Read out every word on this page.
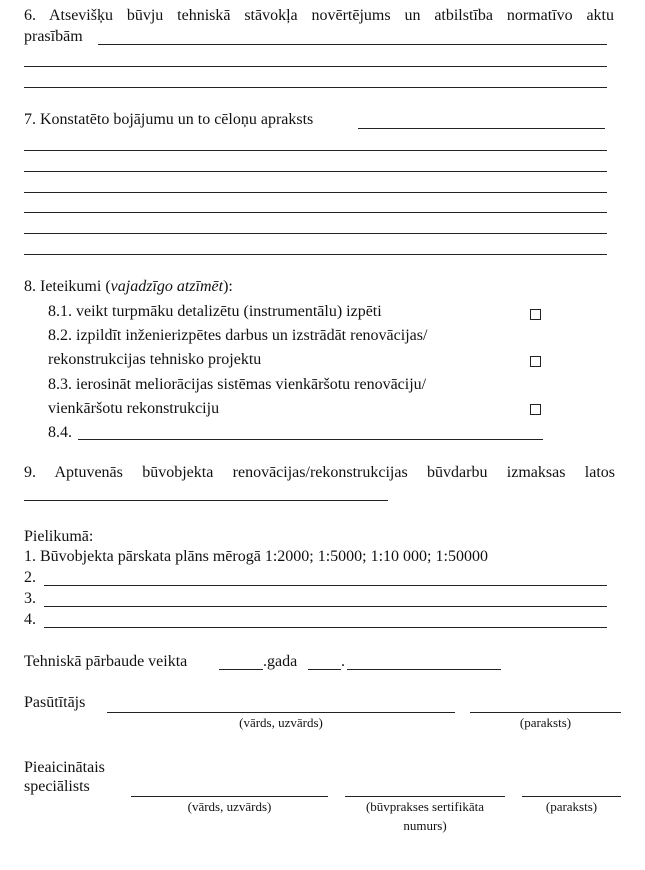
6. Atsevišķu būvju tehniskā stāvokļa novērtējums un atbilstība normatīvo aktu
prasībām
7. Konstatēto bojājumu un to cēloņu apraksts
8. Ieteikumi (vajadzīgo atzīmēt):
8.1. veikt turpmāku detalizētu (instrumentālu) izpēti
8.2. izpildīt inženierizpētes darbus un izstrādāt renovācijas/
rekonstrukcijas tehnisko projektu
8.3. ierosināt meliorācijas sistēmas vienkāršotu renovāciju/
vienkāršotu rekonstrukciju
8.4.
9. Aptuvenās būvobjekta renovācijas/rekonstrukcijas būvdarbu izmaksas latos
Pielikumā:
1. Būvobjekta pārskata plāns mērogā 1:2000; 1:5000; 1:10 000; 1:50000
2.
3.
4.
Tehniskā pārbaude veikta	.gada	.
Pasūtītājs
(vārds, uzvārds)	(paraksts)
Pieaicinātais
speciālists
(vārds, uzvārds)	(būvprakses sertifikāta
numurs)
(paraksts)
